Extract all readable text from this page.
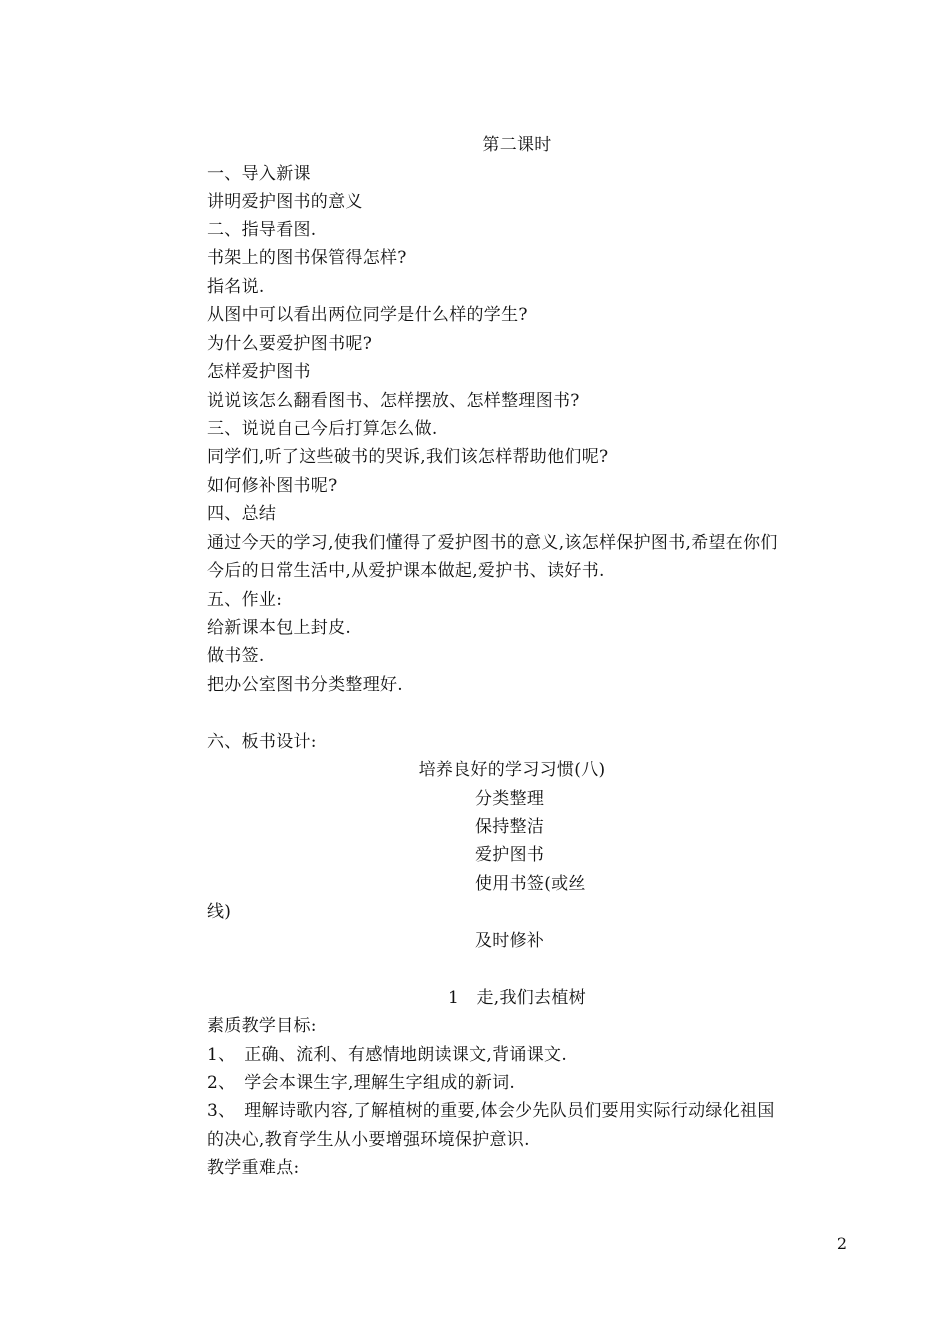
第二课时
一、导入新课
讲明爱护图书的意义
二、指导看图.
书架上的图书保管得怎样?
指名说.
从图中可以看出两位同学是什么样的学生?
为什么要爱护图书呢?
怎样爱护图书
说说该怎么翻看图书、怎样摆放、怎样整理图书?
三、说说自己今后打算怎么做.
同学们,听了这些破书的哭诉,我们该怎样帮助他们呢?
如何修补图书呢?
四、总结
通过今天的学习,使我们懂得了爱护图书的意义,该怎样保护图书,希望在你们
今后的日常生活中,从爱护课本做起,爱护书、读好书.
五、作业:
给新课本包上封皮.
做书签.
把办公室图书分类整理好.
六、板书设计:
培养良好的学习习惯(八)
分类整理
保持整洁
爱护图书
使用书签(或丝
线)
及时修补
1　走,我们去植树
素质教学目标:
1、　正确、流利、有感情地朗读课文,背诵课文.
2、　学会本课生字,理解生字组成的新词.
3、　理解诗歌内容,了解植树的重要,体会少先队员们要用实际行动绿化祖国
的决心,教育学生从小要增强环境保护意识.
教学重难点:
2
